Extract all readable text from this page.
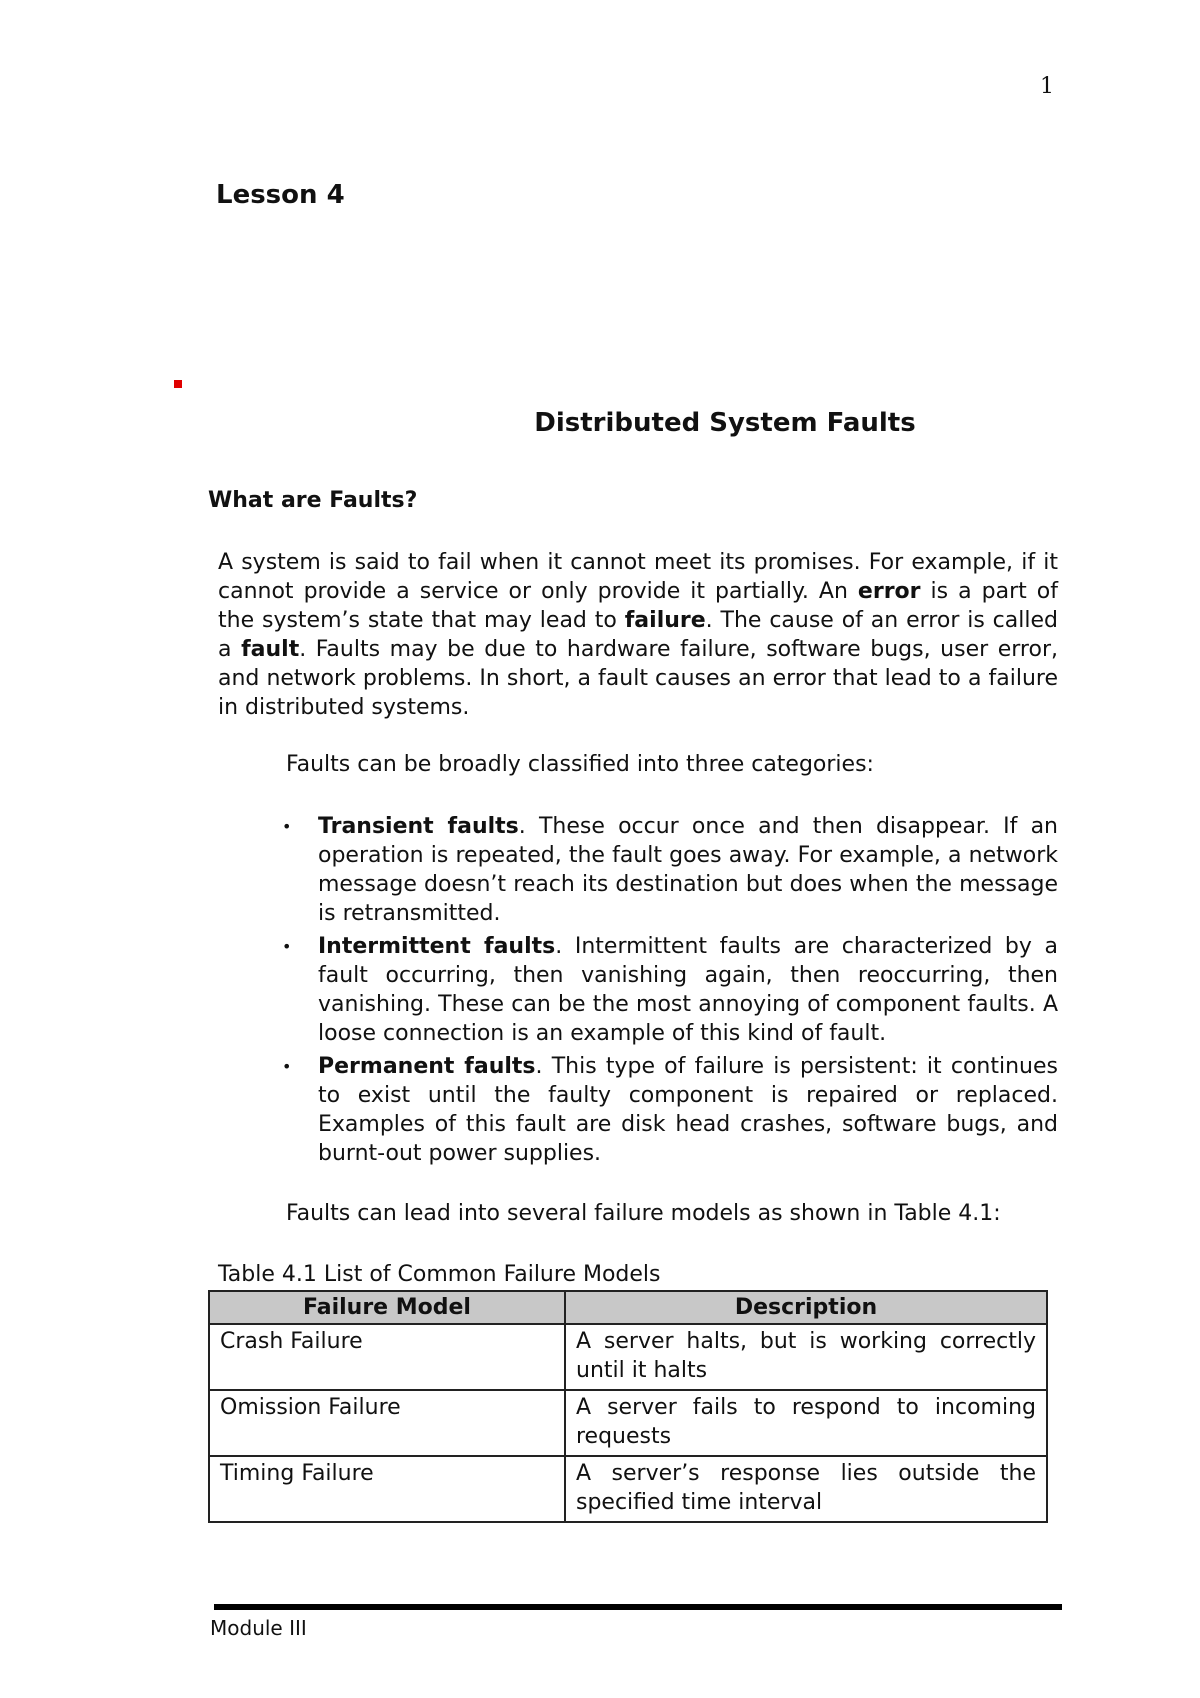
1
Lesson 4
Distributed System Faults
What are Faults?
A system is said to fail when it cannot meet its promises. For example, if it cannot provide a service or only provide it partially. An error is a part of the system’s state that may lead to failure. The cause of an error is called a fault. Faults may be due to hardware failure, software bugs, user error, and network problems. In short, a fault causes an error that lead to a failure in distributed systems.
Faults can be broadly classified into three categories:
• Transient faults. These occur once and then disappear. If an operation is repeated, the fault goes away. For example, a network message doesn’t reach its destination but does when the message is retransmitted.
• Intermittent faults. Intermittent faults are characterized by a fault occurring, then vanishing again, then reoccurring, then vanishing. These can be the most annoying of component faults. A loose connection is an example of this kind of fault.
• Permanent faults. This type of failure is persistent: it continues to exist until the faulty component is repaired or replaced. Examples of this fault are disk head crashes, software bugs, and burnt-out power supplies.
Faults can lead into several failure models as shown in Table 4.1:
Table 4.1 List of Common Failure Models
Failure Model	Description
Crash Failure	A server halts, but is working correctly until it halts
Omission Failure	A server fails to respond to incoming requests
Timing Failure	A server’s response lies outside the specified time interval
Module III
